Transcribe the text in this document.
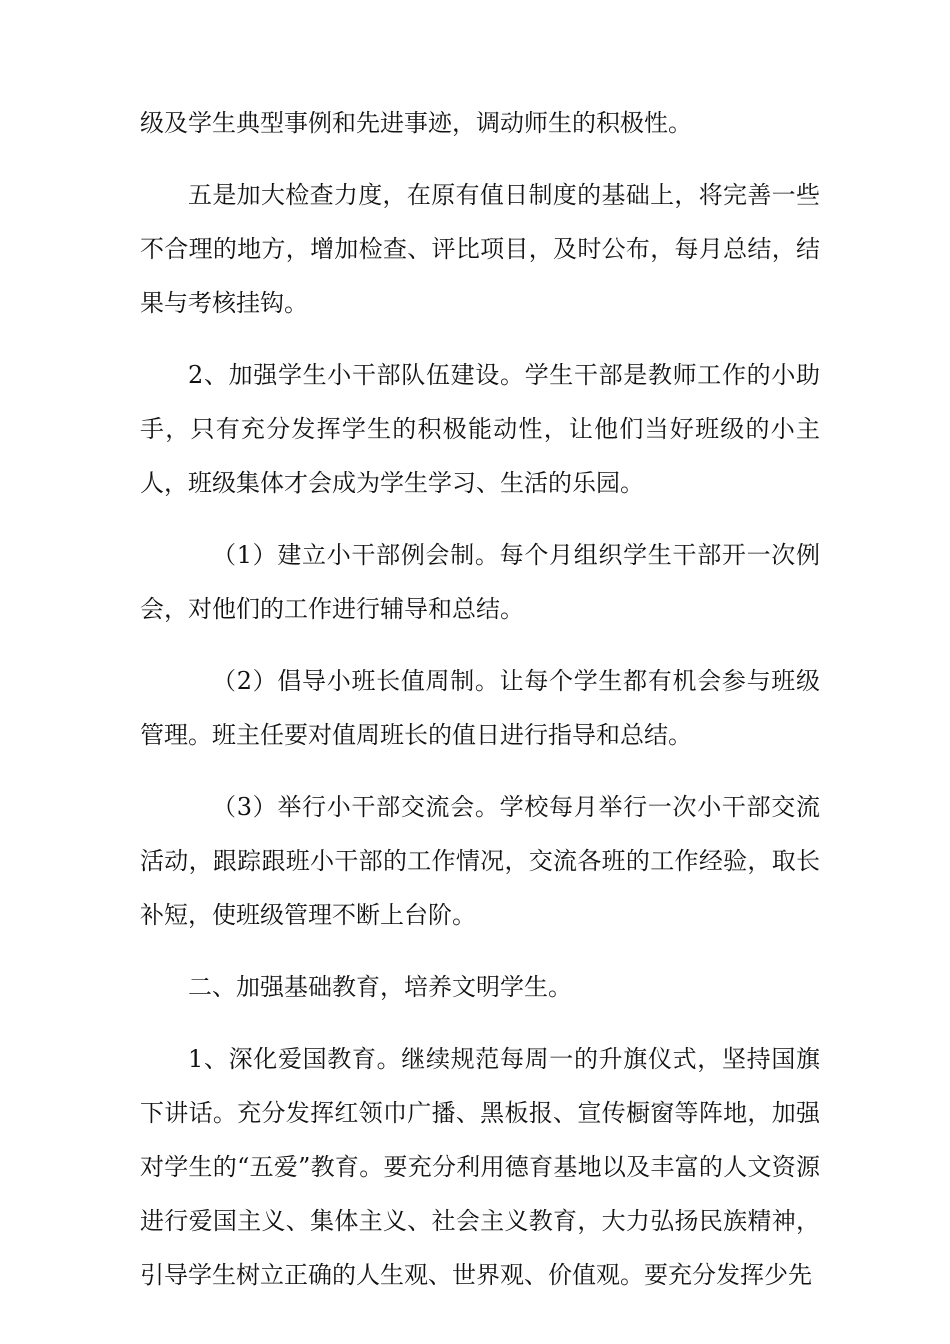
级及学生典型事例和先进事迹，调动师生的积极性。

五是加大检查力度，在原有值日制度的基础上，将完善一些不合理的地方，增加检查、评比项目，及时公布，每月总结，结果与考核挂钩。

2、加强学生小干部队伍建设。学生干部是教师工作的小助手，只有充分发挥学生的积极能动性，让他们当好班级的小主人，班级集体才会成为学生学习、生活的乐园。

（1）建立小干部例会制。每个月组织学生干部开一次例会，对他们的工作进行辅导和总结。

（2）倡导小班长值周制。让每个学生都有机会参与班级管理。班主任要对值周班长的值日进行指导和总结。

（3）举行小干部交流会。学校每月举行一次小干部交流活动，跟踪跟班小干部的工作情况，交流各班的工作经验，取长补短，使班级管理不断上台阶。

二、加强基础教育，培养文明学生。

1、深化爱国教育。继续规范每周一的升旗仪式，坚持国旗下讲话。充分发挥红领巾广播、黑板报、宣传橱窗等阵地，加强对学生的“五爱”教育。要充分利用德育基地以及丰富的人文资源进行爱国主义、集体主义、社会主义教育，大力弘扬民族精神，引导学生树立正确的人生观、世界观、价值观。要充分发挥少先
